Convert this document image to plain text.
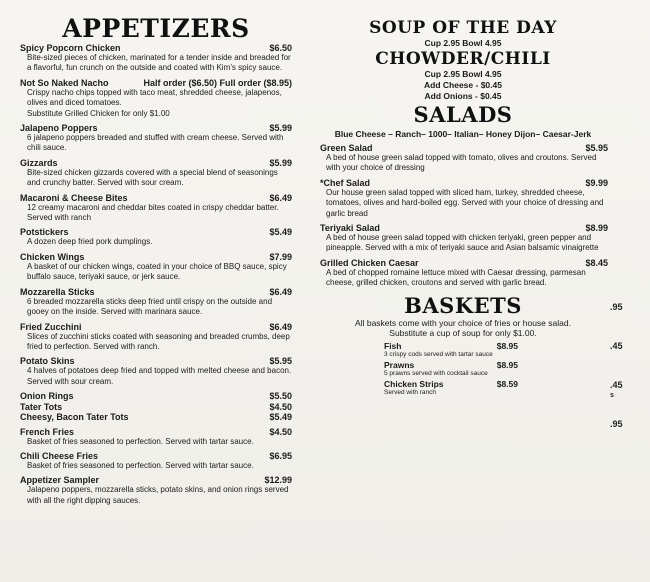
APPETIZERS
Spicy Popcorn Chicken	$6.50
Bite-sized pieces of chicken, marinated for a tender inside and breaded for a flavorful, fun crunch on the outside and coated with Kim’s spicy sauce.
Not So Naked Nacho	Half order ($6.50) Full order ($8.95)
Crispy nacho chips topped with taco meat, shredded cheese, jalapenos, olives and diced tomatoes.
Substitute Grilled Chicken for only $1.00
Jalapeno Poppers	$5.99
6 jalapeno poppers breaded and stuffed with cream cheese. Served with chili sauce.
Gizzards	$5.99
Bite-sized chicken gizzards covered with a special blend of seasonings and crunchy batter. Served with sour cream.
Macaroni & Cheese Bites	$6.49
12 creamy macaroni and cheddar bites coated in crispy cheddar batter. Served with ranch
Potstickers	$5.49
A dozen deep fried pork dumplings.
Chicken Wings	$7.99
A basket of our chicken wings, coated in your choice of BBQ sauce, spicy buffalo sauce, teriyaki sauce, or jerk sauce.
Mozzarella Sticks	$6.49
6 breaded mozzarella sticks deep fried until crispy on the outside and gooey on the inside. Served with marinara sauce.
Fried Zucchini	$6.49
Slices of zucchini sticks coated with seasoning and breaded crumbs, deep fried to perfection. Served with ranch.
Potato Skins	$5.95
4 halves of potatoes deep fried and topped with melted cheese and bacon. Served with sour cream.
Onion Rings	$5.50
Tater Tots	$4.50
Cheesy, Bacon Tater Tots	$5.49
French Fries	$4.50
Basket of fries seasoned to perfection. Served with tartar sauce.
Chili Cheese Fries	$6.95
Basket of fries seasoned to perfection. Served with tartar sauce.
Appetizer Sampler	$12.99
Jalapeno poppers, mozzarella sticks, potato skins, and onion rings served with all the right dipping sauces.
SOUP OF THE DAY
Cup 2.95 Bowl 4.95
CHOWDER/CHILI
Cup 2.95 Bowl 4.95
Add Cheese - $0.45
Add Onions - $0.45
SALADS
Blue Cheese – Ranch– 1000– Italian– Honey Dijon– Caesar-Jerk
Green Salad	$5.95
A bed of house green salad topped with tomato, olives and croutons. Served with your choice of dressing
*Chef Salad	$9.99
Our house green salad topped with sliced ham, turkey, shredded cheese, tomatoes, olives and hard-boiled egg. Served with your choice of dressing and garlic bread
Teriyaki Salad	$8.99
A bed of house green salad topped with chicken teriyaki, green pepper and pineapple. Served with a mix of teriyaki sauce and Asian balsamic vinaigrette
Grilled Chicken Caesar	$8.45
A bed of chopped romaine lettuce mixed with Caesar dressing, parmesan cheese, grilled chicken, croutons and served with garlic bread.
BASKETS
All baskets come with your choice of fries or house salad.
Substitute a cup of soup for only $1.00.
Fish	$8.95
3 crispy cods served with tartar sauce
Prawns	$8.95
5 prawns served with cocktail sauce
Chicken Strips	$8.59
Served with ranch
.95
.45
.45
s
.95
